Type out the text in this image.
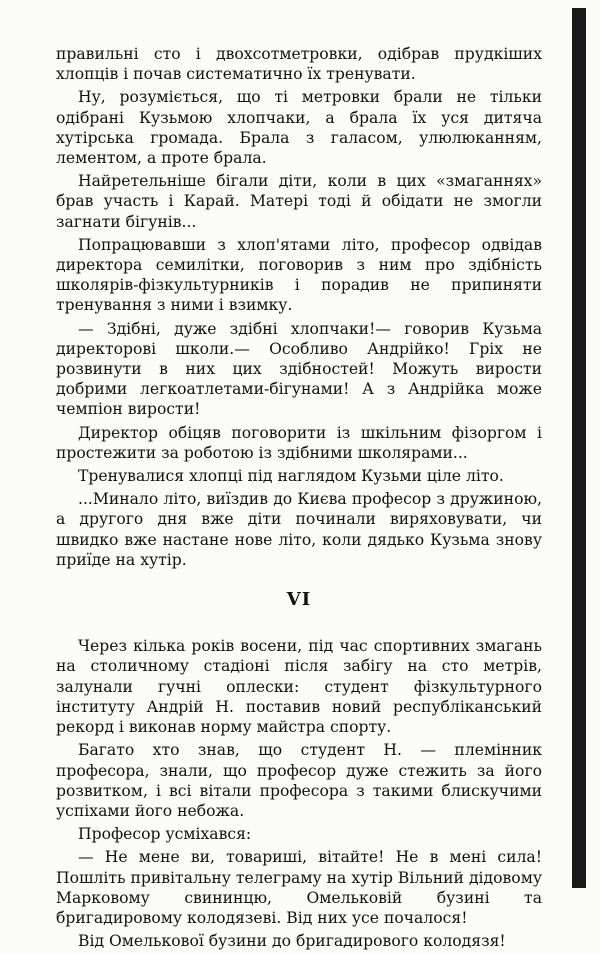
правильні сто і двохсотметровки, одібрав прудкіших хлопців і почав систематично їх тренувати.

Ну, розуміється, що ті метровки брали не тільки одібрані Кузьмою хлопчаки, а брала їх уся дитяча хутірська громада. Брала з галасом, улюлюканням, лементом, а проте брала.

Найретельніше бігали діти, коли в цих «змаганнях» брав участь і Карай. Матері тоді й обідати не змогли загнати бігунів...

Попрацювавши з хлоп'ятами літо, професор одвідав директора семилітки, поговорив з ним про здібність школярів-фізкультурників і порадив не припиняти тренування з ними і взимку.

— Здібні, дуже здібні хлопчаки!— говорив Кузьма директорові школи.— Особливо Андрійко! Гріх не розвинути в них цих здібностей! Можуть вирости добрими легкоатлетами-бігунами! А з Андрійка може чемпіон вирости!

Директор обіцяв поговорити із шкільним фізоргом і простежити за роботою із здібними школярами...

Тренувалися хлопці під наглядом Кузьми ціле літо.

...Минало літо, виїздив до Києва професор з дружиною, а другого дня вже діти починали виряховувати, чи швидко вже настане нове літо, коли дядько Кузьма знову приїде на хутір.

VI

Через кілька років восени, під час спортивних змагань на столичному стадіоні після забігу на сто метрів, залунали гучні оплески: студент фізкультурного інституту Андрій Н. поставив новий республіканський рекорд і виконав норму майстра спорту.

Багато хто знав, що студент Н. — племінник професора, знали, що професор дуже стежить за його розвитком, і всі вітали професора з такими блискучими успіхами його небожа.

Професор усміхався:

— Не мене ви, товариші, вітайте! Не в мені сила! Пошліть привітальну телеграму на хутір Вільний дідовому Марковому свининцю, Омельковій бузині та бригадировому колодязеві. Від них усе почалося!

Від Омелькової бузини до бригадирового колодязя!
